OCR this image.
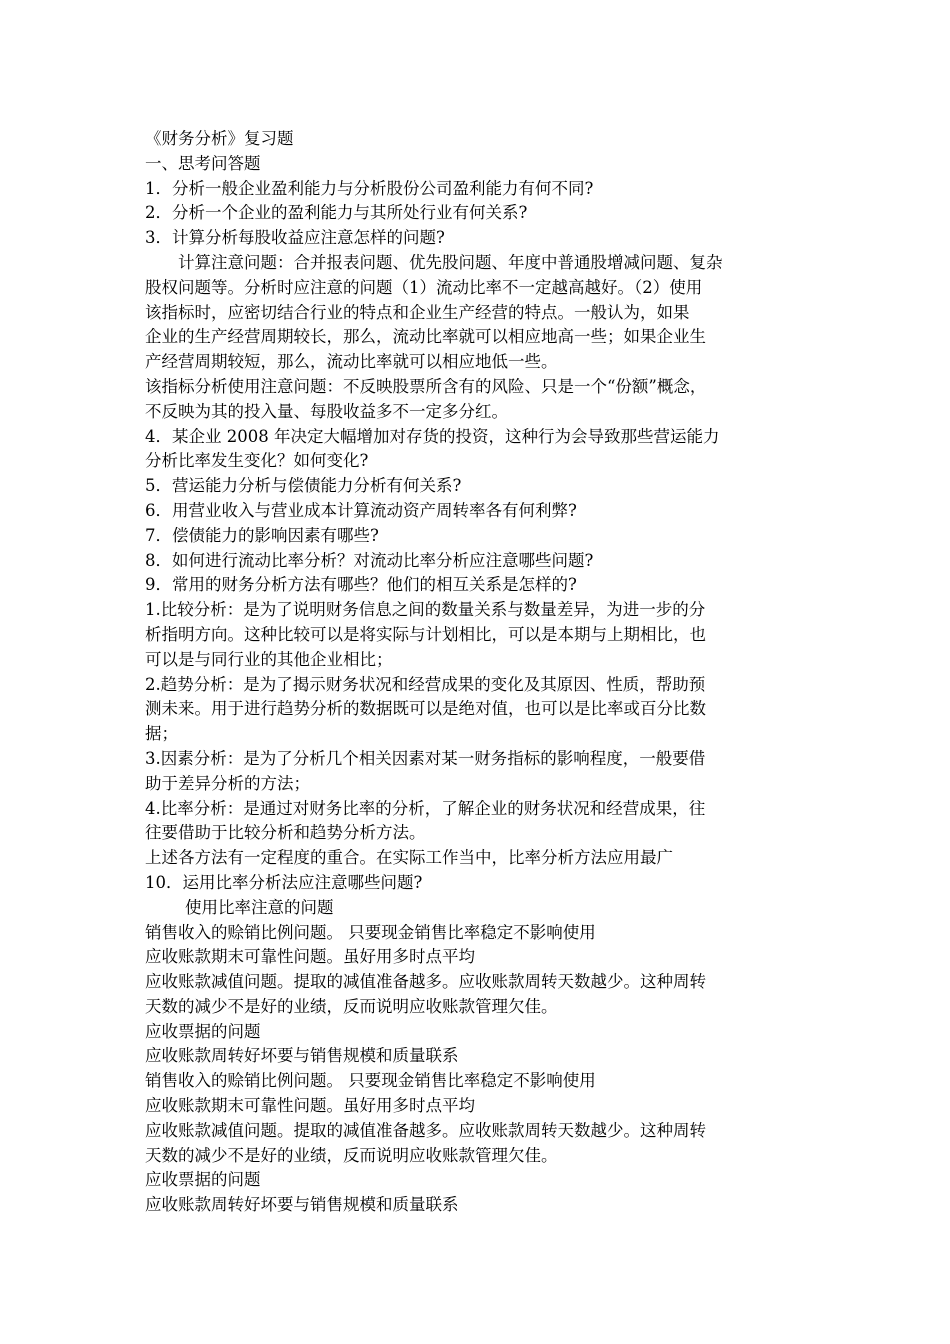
《财务分析》复习题
一、思考问答题
1．分析一般企业盈利能力与分析股份公司盈利能力有何不同?
2．分析一个企业的盈利能力与其所处行业有何关系?
3．计算分析每股收益应注意怎样的问题?
计算注意问题：合并报表问题、优先股问题、年度中普通股增减问题、复杂
股权问题等。分析时应注意的问题（1）流动比率不一定越高越好。（2）使用
该指标时，应密切结合行业的特点和企业生产经营的特点。一般认为，如果
企业的生产经营周期较长，那么，流动比率就可以相应地高一些；如果企业生
产经营周期较短，那么，流动比率就可以相应地低一些。
该指标分析使用注意问题：不反映股票所含有的风险、只是一个“份额”概念，
不反映为其的投入量、每股收益多不一定多分红。
4．某企业 2008 年决定大幅增加对存货的投资，这种行为会导致那些营运能力
分析比率发生变化？如何变化?
5．营运能力分析与偿债能力分析有何关系?
6．用营业收入与营业成本计算流动资产周转率各有何利弊?
7．偿债能力的影响因素有哪些?
8．如何进行流动比率分析？对流动比率分析应注意哪些问题?
9．常用的财务分析方法有哪些？他们的相互关系是怎样的?
1.比较分析：是为了说明财务信息之间的数量关系与数量差异，为进一步的分
析指明方向。这种比较可以是将实际与计划相比，可以是本期与上期相比，也
可以是与同行业的其他企业相比；
2.趋势分析：是为了揭示财务状况和经营成果的变化及其原因、性质，帮助预
测未来。用于进行趋势分析的数据既可以是绝对值，也可以是比率或百分比数
据；
3.因素分析：是为了分析几个相关因素对某一财务指标的影响程度，一般要借
助于差异分析的方法；
4.比率分析：是通过对财务比率的分析，了解企业的财务状况和经营成果，往
往要借助于比较分析和趋势分析方法。
上述各方法有一定程度的重合。在实际工作当中，比率分析方法应用最广
10．运用比率分析法应注意哪些问题?
使用比率注意的问题
销售收入的赊销比例问题。 只要现金销售比率稳定不影响使用
应收账款期末可靠性问题。虽好用多时点平均
应收账款减值问题。提取的减值准备越多。应收账款周转天数越少。这种周转
天数的减少不是好的业绩，反而说明应收账款管理欠佳。
应收票据的问题
应收账款周转好坏要与销售规模和质量联系
销售收入的赊销比例问题。 只要现金销售比率稳定不影响使用
应收账款期末可靠性问题。虽好用多时点平均
应收账款减值问题。提取的减值准备越多。应收账款周转天数越少。这种周转
天数的减少不是好的业绩，反而说明应收账款管理欠佳。
应收票据的问题
应收账款周转好坏要与销售规模和质量联系
